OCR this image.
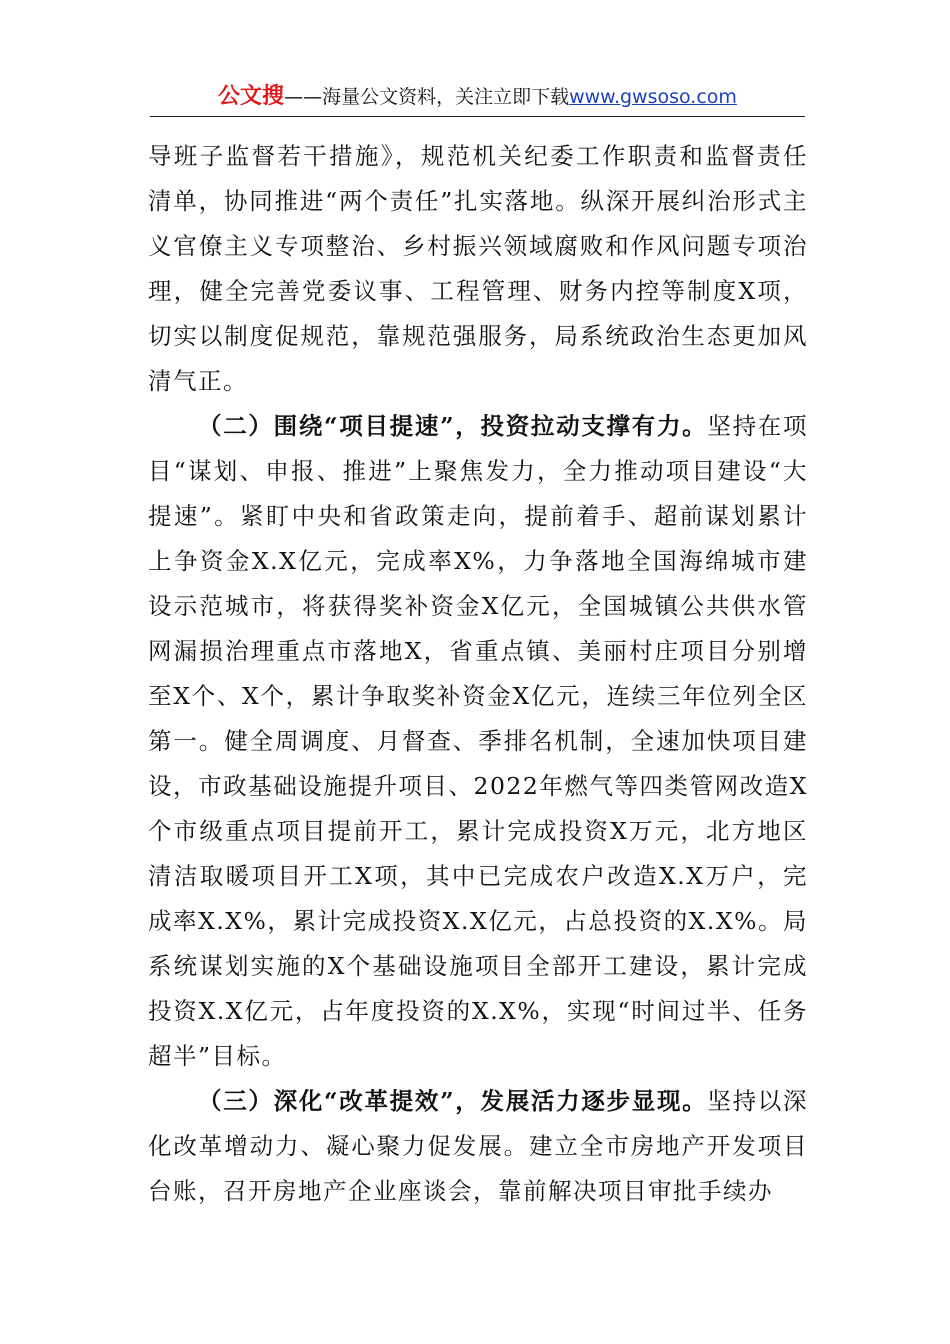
公文搜——海量公文资料，关注立即下载www.gwsoso.com

导班子监督若干措施》，规范机关纪委工作职责和监督责任清单，协同推进“两个责任”扎实落地。纵深开展纠治形式主义官僚主义专项整治、乡村振兴领域腐败和作风问题专项治理，健全完善党委议事、工程管理、财务内控等制度X项，切实以制度促规范，靠规范强服务，局系统政治生态更加风清气正。

（二）围绕“项目提速”，投资拉动支撑有力。坚持在项目“谋划、申报、推进”上聚焦发力，全力推动项目建设“大提速”。紧盯中央和省政策走向，提前着手、超前谋划累计上争资金X.X亿元，完成率X%，力争落地全国海绵城市建设示范城市，将获得奖补资金X亿元，全国城镇公共供水管网漏损治理重点市落地X，省重点镇、美丽村庄项目分别增至X个、X个，累计争取奖补资金X亿元，连续三年位列全区第一。健全周调度、月督查、季排名机制，全速加快项目建设，市政基础设施提升项目、2022年燃气等四类管网改造X个市级重点项目提前开工，累计完成投资X万元，北方地区清洁取暖项目开工X项，其中已完成农户改造X.X万户，完成率X.X%，累计完成投资X.X亿元，占总投资的X.X%。局系统谋划实施的X个基础设施项目全部开工建设，累计完成投资X.X亿元，占年度投资的X.X%，实现“时间过半、任务超半”目标。

（三）深化“改革提效”，发展活力逐步显现。坚持以深化改革增动力、凝心聚力促发展。建立全市房地产开发项目台账，召开房地产企业座谈会，靠前解决项目审批手续办
